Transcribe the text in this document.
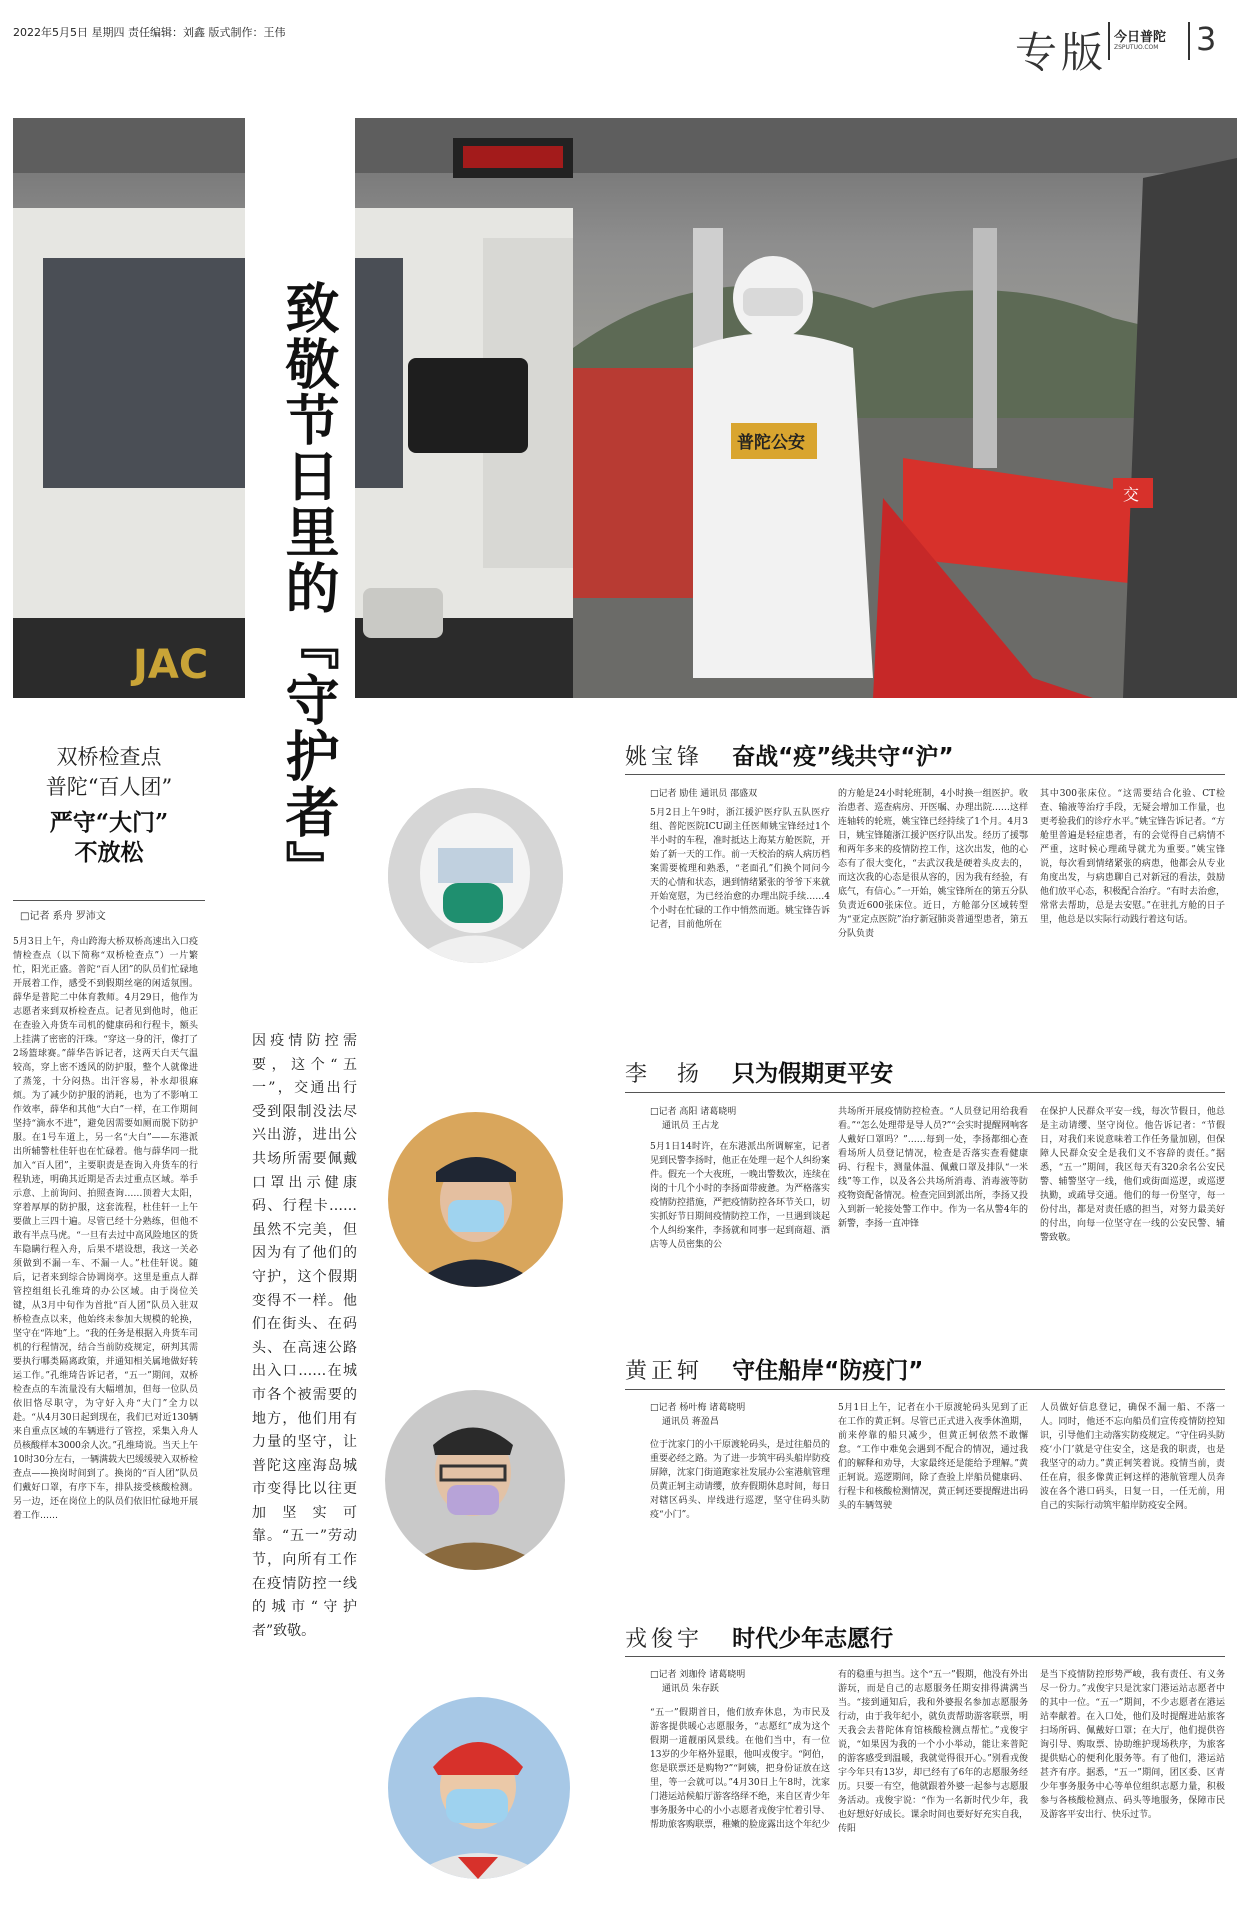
2022年5月5日 星期四 责任编辑：刘鑫 版式制作：王伟	专版 今日普陀
ZSPUTUO.COM 3
JAC
普陀公安
交
致敬节日里的『守护者』
双桥检查点
普陀“百人团”
严守“大门”
不放松
□记者 系舟 罗沛文
5月3日上午，舟山跨海大桥双桥高速出入口疫情检查点（以下简称“双桥检查点”）一片繁忙，阳光正盛。普陀“百人团”的队员们忙碌地开展着工作，感受不到假期丝毫的闲适氛围。薛华是普陀二中体育教师。4月29日，他作为志愿者来到双桥检查点。记者见到他时，他正在查验入舟货车司机的健康码和行程卡，额头上挂满了密密的汗珠。“穿这一身的汗，像打了2场篮球赛。”薛华告诉记者，这两天白天气温较高，穿上密不透风的防护服，整个人就像进了蒸笼，十分闷热。出汗容易，补水却很麻烦。为了减少防护服的消耗，也为了不影响工作效率，薛华和其他“大白”一样，在工作期间坚持“滴水不进”，避免因需要如厕而脱下防护服。在1号车道上，另一名“大白”——东港派出所辅警杜佳轩也在忙碌着。他与薛华同一批加入“百人团”，主要职责是查询入舟货车的行程轨迹，明确其近期是否去过重点区域。举手示意、上前询问、拍照查询……顶着大太阳，穿着厚厚的防护服，这套流程，杜佳轩一上午要做上三四十遍。尽管已经十分熟练，但他不敢有半点马虎。“一旦有去过中高风险地区的货车隐瞒行程入舟，后果不堪设想，我这一关必须做到不漏一车、不漏一人。”杜佳轩说。随后，记者来到综合协调岗亭。这里是重点人群管控组组长孔维琦的办公区域。由于岗位关键，从3月中旬作为首批“百人团”队员入驻双桥检查点以来，他始终未参加大规模的轮换，坚守在“阵地”上。“我的任务是根据入舟货车司机的行程情况，结合当前防疫规定，研判其需要执行哪类隔离政策，并通知相关属地做好转运工作。”孔维琦告诉记者，“五一”期间，双桥检查点的车流量没有大幅增加，但每一位队员依旧恪尽职守，为守好入舟“大门”全力以赴。“从4月30日起到现在，我们已对近130辆来自重点区域的车辆进行了管控，采集入舟人员核酸样本3000余人次。”孔维琦说。当天上午10时30分左右，一辆满载大巴缓缓驶入双桥检查点——换岗时间到了。换岗的“百人团”队员们戴好口罩，有序下车，排队接受核酸检测。另一边，还在岗位上的队员们依旧忙碌地开展着工作……
因疫情防控需要，这个“五一”，交通出行受到限制没法尽兴出游，进出公共场所需要佩戴口罩出示健康码、行程卡……虽然不完美，但因为有了他们的守护，这个假期变得不一样。他们在街头、在码头、在高速公路出入口……在城市各个被需要的地方，他们用有力量的坚守，让普陀这座海岛城市变得比以往更加坚实可靠。“五一”劳动节，向所有工作在疫情防控一线的城市“守护者”致敬。
姚宝锋 奋战“疫”线共守“沪”
□记者 励佳 通讯员 邵盛双
5月2日上午9时，浙江援沪医疗队五队医疗组、普陀医院ICU副主任医师姚宝锋经过1个半小时的车程，准时抵达上海某方舱医院，开始了新一天的工作。前一天校治的病人病历档案需要梳理和熟悉，“老面孔”们换个同问今天的心情和状态，遇到情绪紧张的爷爷下来就开始宽慰，为已经治愈的办理出院手续……4个小时在忙碌的工作中悄然而逝。姚宝锋告诉记者，目前他所在
的方舱是24小时轮班制，4小时换一组医护。收治患者、巡查病房、开医嘱、办理出院……这样连轴转的轮班，姚宝锋已经持续了1个月。4月3日，姚宝锋随浙江援沪医疗队出发。经历了援鄂和两年多来的疫情防控工作，这次出发，他的心态有了很大变化，“去武汉我是硬着头皮去的，而这次我的心态是很从容的，因为我有经验，有底气，有信心。”一开始，姚宝锋所在的第五分队负责近600张床位。近日，方舱部分区域转型为“亚定点医院”治疗新冠肺炎普通型患者，第五分队负责
其中300张床位。“这需要结合化验、CT检查、输液等治疗手段，无疑会增加工作量，也更考验我们的诊疗水平。”姚宝锋告诉记者。“方舱里普遍是轻症患者，有的会觉得自己病情不严重，这时候心理疏导就尤为重要。”姚宝锋说，每次看到情绪紧张的病患，他都会从专业角度出发，与病患聊自己对新冠的看法，鼓励他们放平心态，积极配合治疗。“有时去治愈，常常去帮助，总是去安慰。”在驻扎方舱的日子里，他总是以实际行动践行着这句话。
李　扬 只为假期更平安
□记者 高阳 诸葛晓明
通讯员 王占龙
5月1日14时许，在东港派出所调解室，记者见到民警李扬时，他正在处理一起个人纠纷案件。假充一个大夜班，一晚出警数次，连续在岗的十几个小时的李扬面带疲惫。为严格落实疫情防控措施，严把疫情防控各环节关口，切实抓好节日期间疫情防控工作，一旦遇到谈起个人纠纷案件，李扬就和同事一起到商超、酒店等人员密集的公
共场所开展疫情防控检查。“人员登记用给我看看。”“怎么处理带是导人员?”“会实时提醒网响客人戴好口罩吗？”……每到一处，李扬都细心查看场所人员登记情况，检查是否落实查看健康码、行程卡，测量体温、佩戴口罩及排队“一米线”等工作，以及各公共场所消毒、消毒液等防疫物资配备情况。检查完回到派出所，李扬又投入到新一轮接处警工作中。作为一名从警4年的新警，李扬一直冲锋
在保护人民群众平安一线，每次节假日，他总是主动请缨、坚守岗位。他告诉记者：“节假日，对我们来说意味着工作任务量加剧，但保障人民群众安全是我们义不容辞的责任。”据悉，“五一”期间，我区每天有320余名公安民警、辅警坚守一线，他们或街面巡逻，或巡逻执勤，或疏导交通。他们的每一份坚守，每一份付出，都是对责任感的担当，对努力最美好的付出，向每一位坚守在一线的公安民警、辅警致敬。
黄正轲 守住船岸“防疫门”
□记者 杨叶梅 诸葛晓明
通讯员 蒋盈昌
位于沈家门的小干原渡轮码头，是过往船员的重要必经之路。为了进一步筑牢码头船岸防疫屏障，沈家门街道跑家社发展办公室港航管理员黄正轲主动请缨，放弃假期休息时间，每日对辖区码头、岸线进行巡逻，坚守住码头防疫“小门”。
5月1日上午，记者在小干原渡轮码头见到了正在工作的黄正轲。尽管已正式进入夜季休渔期，前来停靠的船只减少，但黄正轲依然不敢懈怠。“工作中难免会遇到不配合的情况，通过我们的解释和劝导，大家最终还是能给予理解。”黄正轲说。巡逻期间，除了查验上岸船员健康码、行程卡和核酸检测情况，黄正轲还要提醒进出码头的车辆驾驶
人员做好信息登记，确保不漏一船、不落一人。同时，他还不忘向船员们宣传疫情防控知识，引导他们主动落实防疫规定。“守住码头防疫‘小门’就是守住安全，这是我的职责，也是我坚守的动力。”黄正轲笑着说。疫情当前，责任在肩，很多像黄正轲这样的港航管理人员奔波在各个港口码头，日复一日，一任无前，用自己的实际行动筑牢船岸防疫安全网。
戎俊宇 时代少年志愿行
□记者 刘珈伶 诸葛晓明
通讯员 朱存跃
“五一”假期首日，他们放弃休息，为市民及游客提供暖心志愿服务，“志愿红”成为这个假期一道靓丽风景线。在他们当中，有一位13岁的少年格外显眼，他叫戎俊宇。“阿伯，您是联票还是购物?”“阿姨，把身份证放在这里，等一会就可以。”4月30日上午8时，沈家门港运站候船厅游客络绎不绝，来自区青少年事务服务中心的小小志愿者戎俊宇忙着引导、帮助旅客购联票，稚嫩的脸庞露出这个年纪少
有的稳重与担当。这个“五一”假期，他没有外出游玩，而是自己的志愿服务任期安排得满满当当。“接到通知后，我和外婆报名参加志愿服务行动，由于我年纪小，就负责帮助游客联票，明天我会去普陀体育馆核酸检测点帮忙。”戎俊宇说，“如果因为我的一个小小举动，能让来普陀的游客感受到温暖，我就觉得很开心。”别看戎俊宇今年只有13岁，却已经有了6年的志愿服务经历。只要一有空，他就跟着外婆一起参与志愿服务活动。戎俊宇说：“作为一名新时代少年，我也好想好好成长。课余时间也要好好充实自我，传阳
是当下疫情防控形势严峻，我有责任、有义务尽一份力。”戎俊宇只是沈家门港运站志愿者中的其中一位。“五一”期间，不少志愿者在港运站奉献着。在入口处，他们及时提醒进站旅客扫场所码、佩戴好口罩；在大厅，他们提供咨询引导、购取票、协助维护现场秩序，为旅客提供贴心的便利化服务等。有了他们，港运站甚齐有序。据悉，“五一”期间，团区委、区青少年事务服务中心等单位组织志愿力量，积极参与各核酸检测点、码头等地服务，保障市民及游客平安出行、快乐过节。
